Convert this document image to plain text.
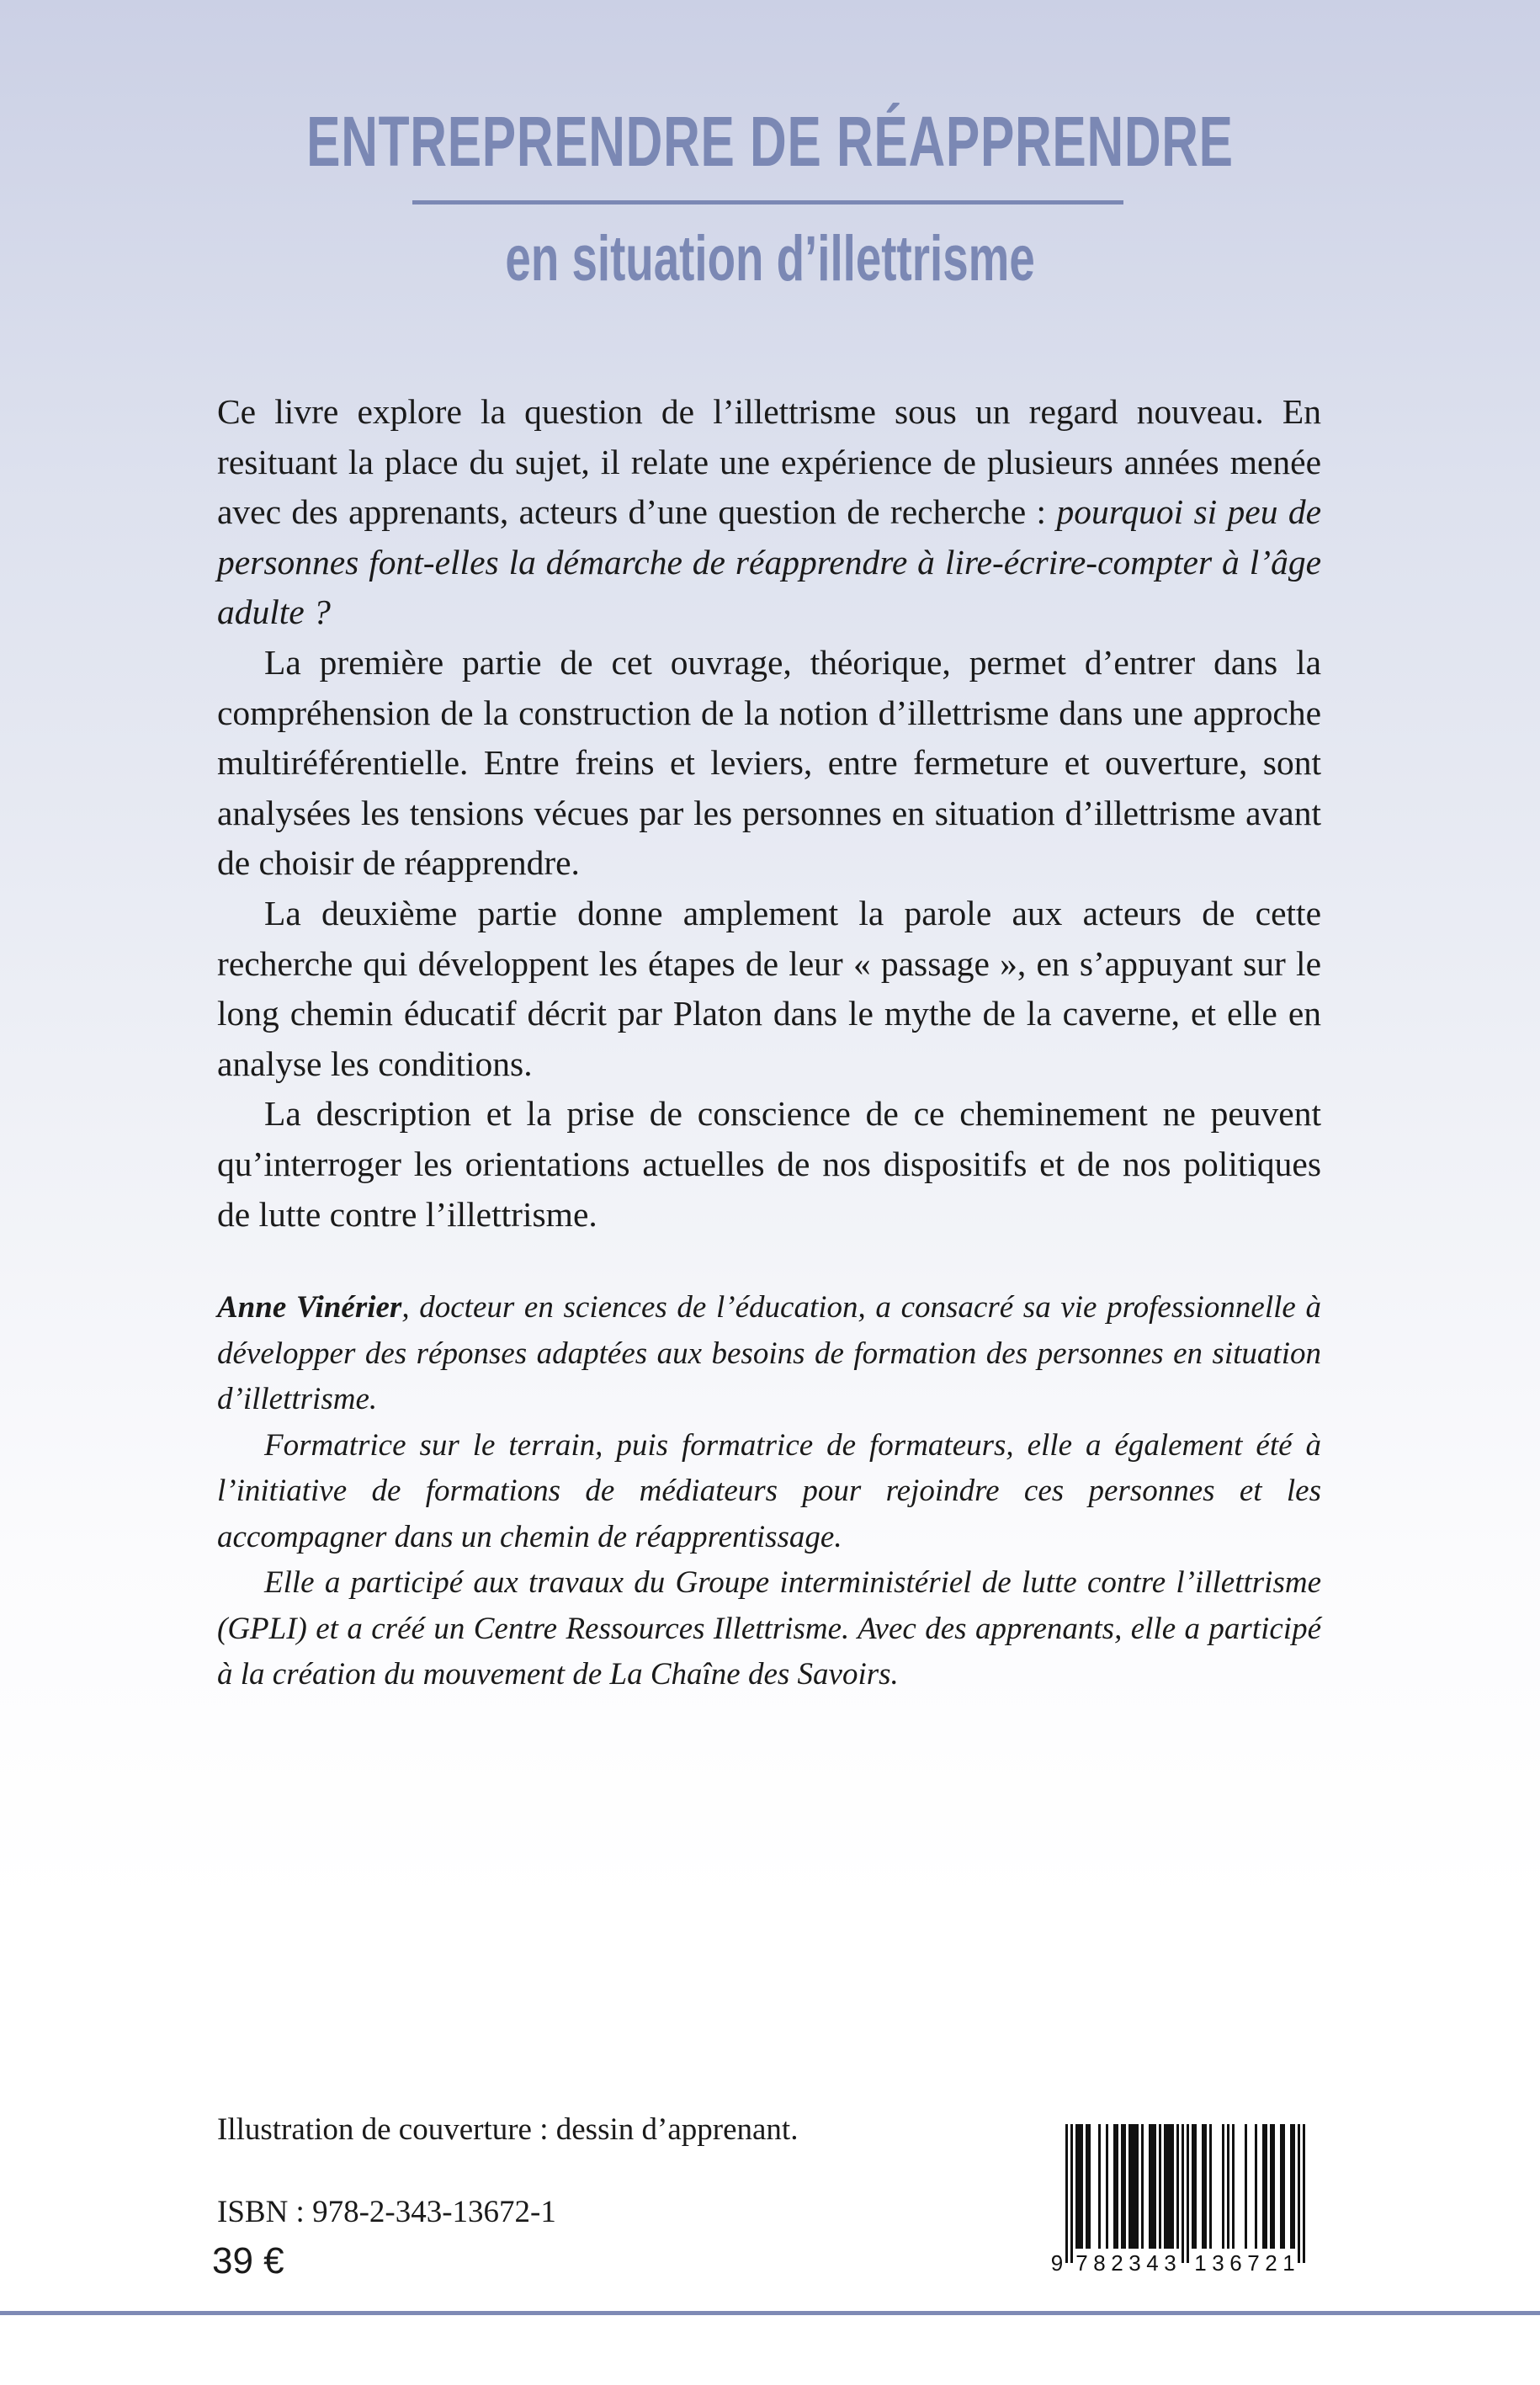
ENTREPRENDRE DE RÉAPPRENDRE
en situation d’illettrisme

Ce livre explore la question de l’illettrisme sous un regard nouveau. En resituant la place du sujet, il relate une expérience de plusieurs années menée avec des apprenants, acteurs d’une question de recherche : pourquoi si peu de personnes font-elles la démarche de réapprendre à lire-écrire-compter à l’âge adulte ?

La première partie de cet ouvrage, théorique, permet d’entrer dans la compréhension de la construction de la notion d’illettrisme dans une approche multiréférentielle. Entre freins et leviers, entre fermeture et ouverture, sont analysées les tensions vécues par les personnes en situation d’illettrisme avant de choisir de réapprendre.

La deuxième partie donne amplement la parole aux acteurs de cette recherche qui développent les étapes de leur « passage », en s’appuyant sur le long chemin éducatif décrit par Platon dans le mythe de la caverne, et elle en analyse les conditions.

La description et la prise de conscience de ce cheminement ne peuvent qu’interroger les orientations actuelles de nos dispositifs et de nos politiques de lutte contre l’illettrisme.

Anne Vinérier, docteur en sciences de l’éducation, a consacré sa vie professionnelle à développer des réponses adaptées aux besoins de formation des personnes en situation d’illettrisme.

Formatrice sur le terrain, puis formatrice de formateurs, elle a également été à l’initiative de formations de médiateurs pour rejoindre ces personnes et les accompagner dans un chemin de réapprentissage.

Elle a participé aux travaux du Groupe interministériel de lutte contre l’illettrisme (GPLI) et a créé un Centre Ressources Illettrisme. Avec des apprenants, elle a participé à la création du mouvement de La Chaîne des Savoirs.

Illustration de couverture : dessin d’apprenant.
ISBN : 978-2-343-13672-1
39 €	9 7 8 2 3 4 3 1 3 6 7 2 1
